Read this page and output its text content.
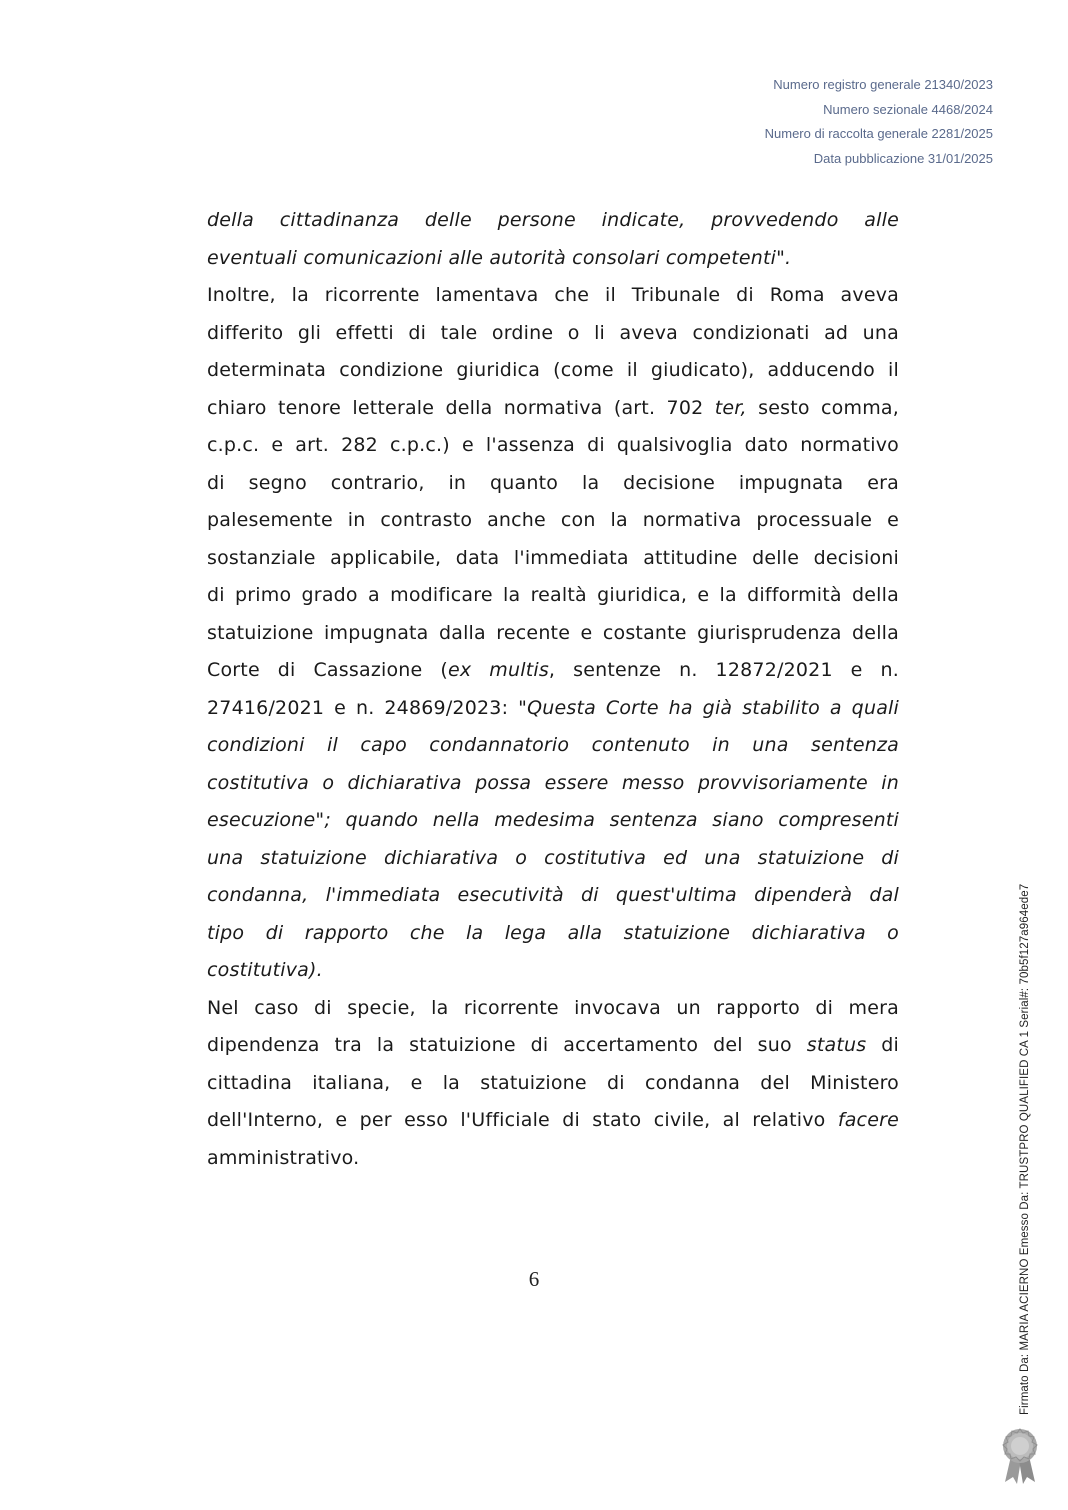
Numero registro generale 21340/2023
Numero sezionale 4468/2024
Numero di raccolta generale 2281/2025
Data pubblicazione 31/01/2025
della cittadinanza delle persone indicate, provvedendo alle
eventuali comunicazioni alle autorità consolari competenti".
Inoltre, la ricorrente lamentava che il Tribunale di Roma aveva
differito gli effetti di tale ordine o li aveva condizionati ad una
determinata condizione giuridica (come il giudicato), adducendo il
chiaro tenore letterale della normativa (art. 702 ter, sesto comma,
c.p.c. e art. 282 c.p.c.) e l'assenza di qualsivoglia dato normativo
di segno contrario, in quanto la decisione impugnata era
palesemente in contrasto anche con la normativa processuale e
sostanziale applicabile, data l'immediata attitudine delle decisioni
di primo grado a modificare la realtà giuridica, e la difformità della
statuizione impugnata dalla recente e costante giurisprudenza della
Corte di Cassazione (ex multis, sentenze n. 12872/2021 e n.
27416/2021 e n. 24869/2023: "Questa Corte ha già stabilito a quali
condizioni il capo condannatorio contenuto in una sentenza
costitutiva o dichiarativa possa essere messo provvisoriamente in
esecuzione"; quando nella medesima sentenza siano compresenti
una statuizione dichiarativa o costitutiva ed una statuizione di
condanna, l'immediata esecutività di quest'ultima dipenderà dal
tipo di rapporto che la lega alla statuizione dichiarativa o
costitutiva).
Nel caso di specie, la ricorrente invocava un rapporto di mera
dipendenza tra la statuizione di accertamento del suo status di
cittadina italiana, e la statuizione di condanna del Ministero
dell'Interno, e per esso l'Ufficiale di stato civile, al relativo facere
amministrativo.
6	Firmato Da: MARIA ACIERNO Emesso Da: TRUSTPRO QUALIFIED CA 1 Serial#: 70b5f127a964ede7
